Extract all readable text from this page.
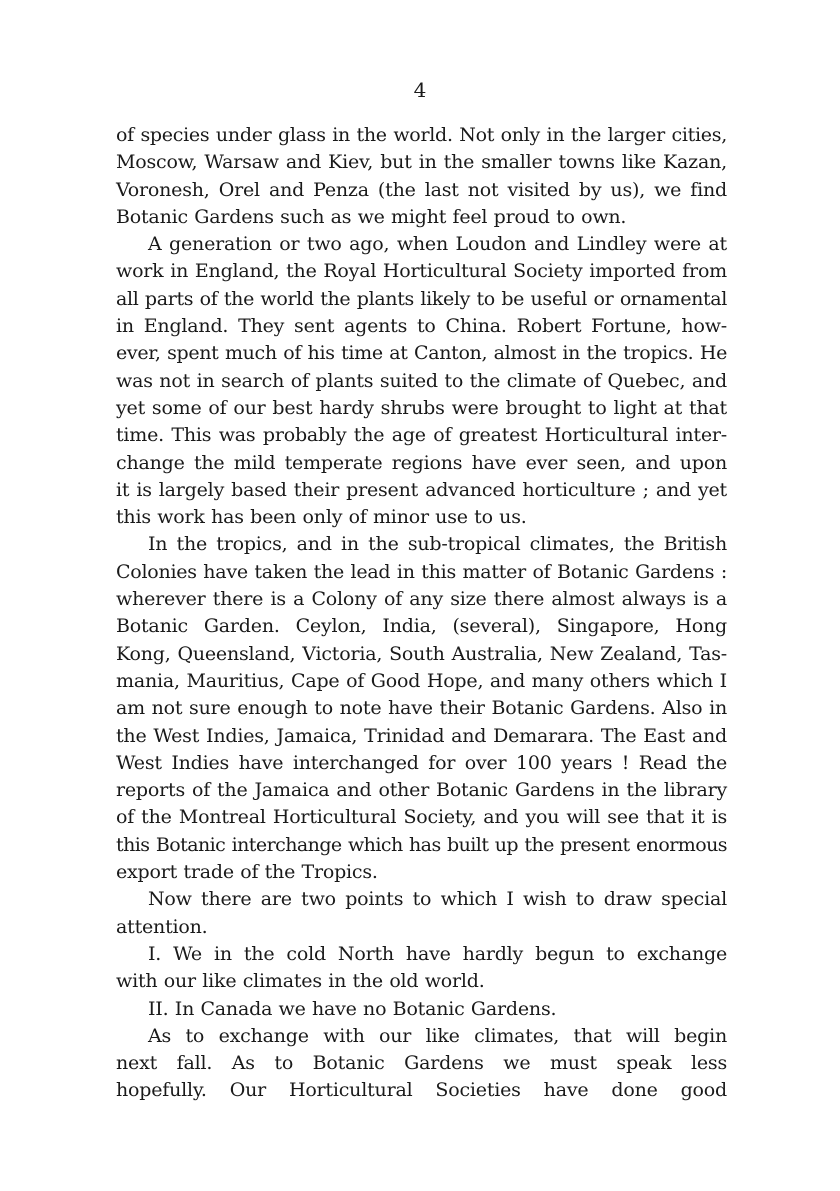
4
of species under glass in the world. Not only in the larger cities,
Moscow, Warsaw and Kiev, but in the smaller towns like Kazan,
Voronesh, Orel and Penza (the last not visited by us), we find
Botanic Gardens such as we might feel proud to own.
A generation or two ago, when Loudon and Lindley were at
work in England, the Royal Horticultural Society imported from
all parts of the world the plants likely to be useful or ornamental
in England. They sent agents to China. Robert Fortune, how-
ever, spent much of his time at Canton, almost in the tropics. He
was not in search of plants suited to the climate of Quebec, and
yet some of our best hardy shrubs were brought to light at that
time. This was probably the age of greatest Horticultural inter-
change the mild temperate regions have ever seen, and upon
it is largely based their present advanced horticulture ; and yet
this work has been only of minor use to us.
In the tropics, and in the sub-tropical climates, the British
Colonies have taken the lead in this matter of Botanic Gardens :
wherever there is a Colony of any size there almost always is a
Botanic Garden. Ceylon, India, (several), Singapore, Hong
Kong, Queensland, Victoria, South Australia, New Zealand, Tas-
mania, Mauritius, Cape of Good Hope, and many others which I
am not sure enough to note have their Botanic Gardens. Also in
the West Indies, Jamaica, Trinidad and Demarara. The East and
West Indies have interchanged for over 100 years ! Read the
reports of the Jamaica and other Botanic Gardens in the library
of the Montreal Horticultural Society, and you will see that it is
this Botanic interchange which has built up the present enormous
export trade of the Tropics.
Now there are two points to which I wish to draw special
attention.
I. We in the cold North have hardly begun to exchange
with our like climates in the old world.
II. In Canada we have no Botanic Gardens.
As to exchange with our like climates, that will begin
next fall. As to Botanic Gardens we must speak less
hopefully. Our Horticultural Societies have done good
